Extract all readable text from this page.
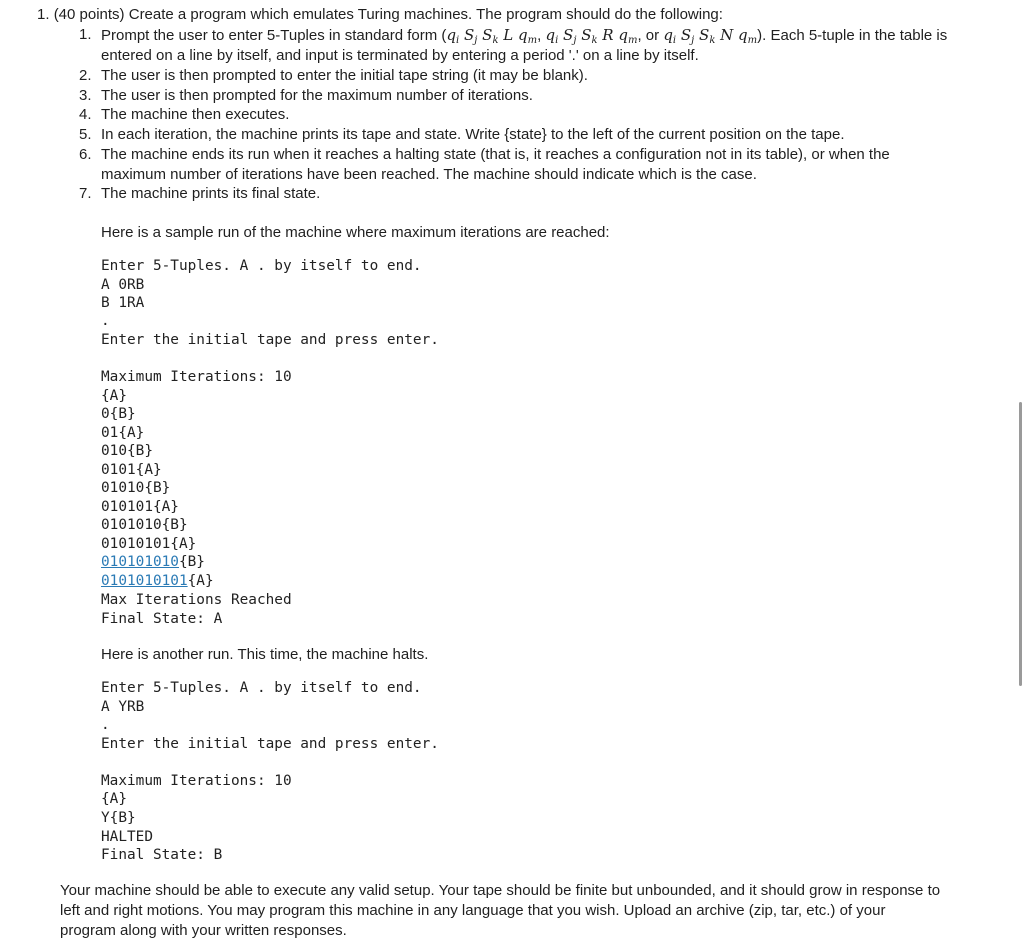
1. (40 points) Create a program which emulates Turing machines. The program should do the following:
1. Prompt the user to enter 5-Tuples in standard form ($q_i$ $S_j$ $S_k$ L $q_m$, $q_i$ $S_j$ $S_k$ R $q_m$, or $q_i$ $S_j$ $S_k$ N $q_m$). Each 5-tuple in the table is
entered on a line by itself, and input is terminated by entering a period '.' on a line by itself.
2. The user is then prompted to enter the initial tape string (it may be blank).
3. The user is then prompted for the maximum number of iterations.
4. The machine then executes.
5. In each iteration, the machine prints its tape and state. Write {state} to the left of the current position on the tape.
6. The machine ends its run when it reaches a halting state (that is, it reaches a configuration not in its table), or when the
maximum number of iterations have been reached. The machine should indicate which is the case.
7. The machine prints its final state.
Here is a sample run of the machine where maximum iterations are reached:
Enter 5-Tuples. A . by itself to end.
A 0RB
B 1RA
.
Enter the initial tape and press enter.
Maximum Iterations: 10
{A}
0{B}
01{A}
010{B}
0101{A}
01010{B}
010101{A}
0101010{B}
01010101{A}
010101010{B}
0101010101{A}
Max Iterations Reached
Final State: A
Here is another run. This time, the machine halts.
Enter 5-Tuples. A . by itself to end.
A YRB
.
Enter the initial tape and press enter.
Maximum Iterations: 10
{A}
Y{B}
HALTED
Final State: B
Your machine should be able to execute any valid setup. Your tape should be finite but unbounded, and it should grow in response to
left and right motions. You may program this machine in any language that you wish. Upload an archive (zip, tar, etc.) of your
program along with your written responses.
